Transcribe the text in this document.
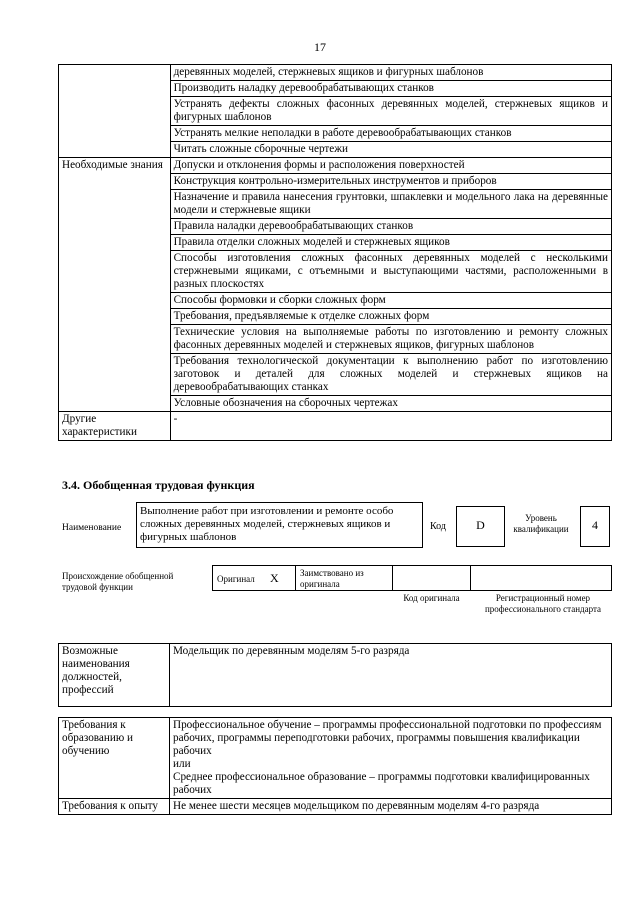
17
	деревянных моделей, стержневых ящиков и фигурных шаблонов
	Производить наладку деревообрабатывающих станков
	Устранять дефекты сложных фасонных деревянных моделей, стержневых ящиков и фигурных шаблонов
	Устранять мелкие неполадки в работе деревообрабатывающих станков
	Читать сложные сборочные чертежи
Необходимые знания	Допуски и отклонения формы и расположения поверхностей
	Конструкция контрольно-измерительных инструментов и приборов
	Назначение и правила нанесения грунтовки, шпаклевки и модельного лака на деревянные модели и стержневые ящики
	Правила наладки деревообрабатывающих станков
	Правила отделки сложных моделей и стержневых ящиков
	Способы изготовления сложных фасонных деревянных моделей с несколькими стержневыми ящиками, с отъемными и выступающими частями, расположенными в разных плоскостях
	Способы формовки и сборки сложных форм
	Требования, предъявляемые к отделке сложных форм
	Технические условия на выполняемые работы по изготовлению и ремонту сложных фасонных деревянных моделей и стержневых ящиков, фигурных шаблонов
	Требования технологической документации к выполнению работ по изготовлению заготовок и деталей для сложных моделей и стержневых ящиков на деревообрабатывающих станках
	Условные обозначения на сборочных чертежах
Другие характеристики	-
3.4. Обобщенная трудовая функция
Наименование
Выполнение работ при изготовлении и ремонте особо сложных деревянных моделей, стержневых ящиков и фигурных шаблонов
Код	D	Уровень квалификации	4
Происхождение обобщенной трудовой функции
Оригинал X Заимствовано из оригинала
Код оригинала	Регистрационный номер профессионального стандарта
Возможные наименования должностей, профессий	Модельщик по деревянным моделям 5-го разряда
Требования к образованию и обучению	Профессиональное обучение – программы профессиональной подготовки по профессиям рабочих, программы переподготовки рабочих, программы повышения квалификации рабочих
или
Среднее профессиональное образование – программы подготовки квалифицированных рабочих

Требования к опыту	Не менее шести месяцев модельщиком по деревянным моделям 4-го разряда
